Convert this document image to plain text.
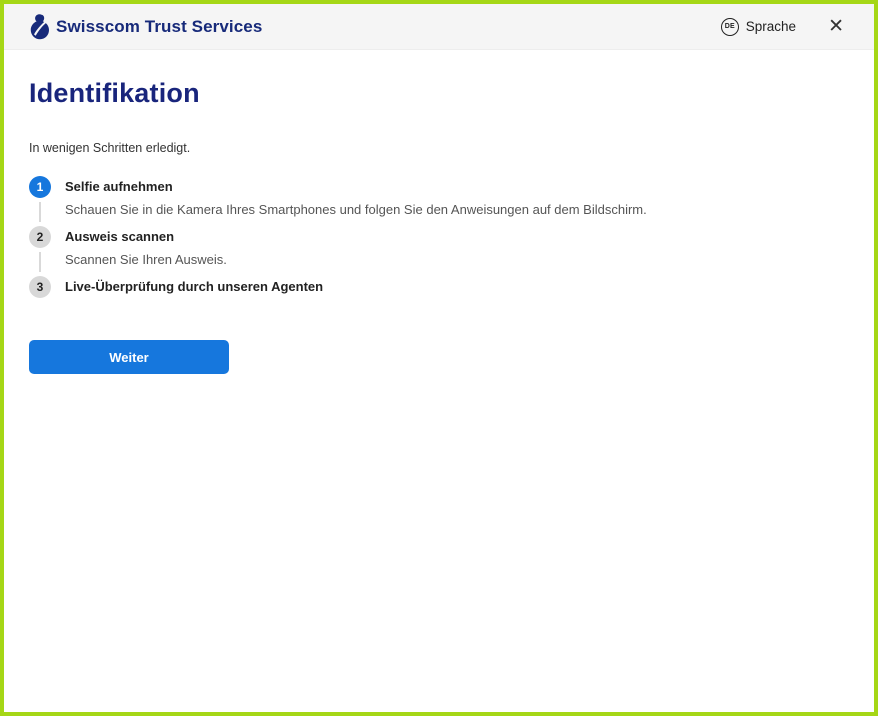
Swisscom Trust Services	DE Sprache ✕
Identifikation

In wenigen Schritten erledigt.

1	Selfie aufnehmen
Schauen Sie in die Kamera Ihres Smartphones und folgen Sie den Anweisungen auf dem Bildschirm.
2	Ausweis scannen
Scannen Sie Ihren Ausweis.
3	Live-Überprüfung durch unseren Agenten
Weiter
